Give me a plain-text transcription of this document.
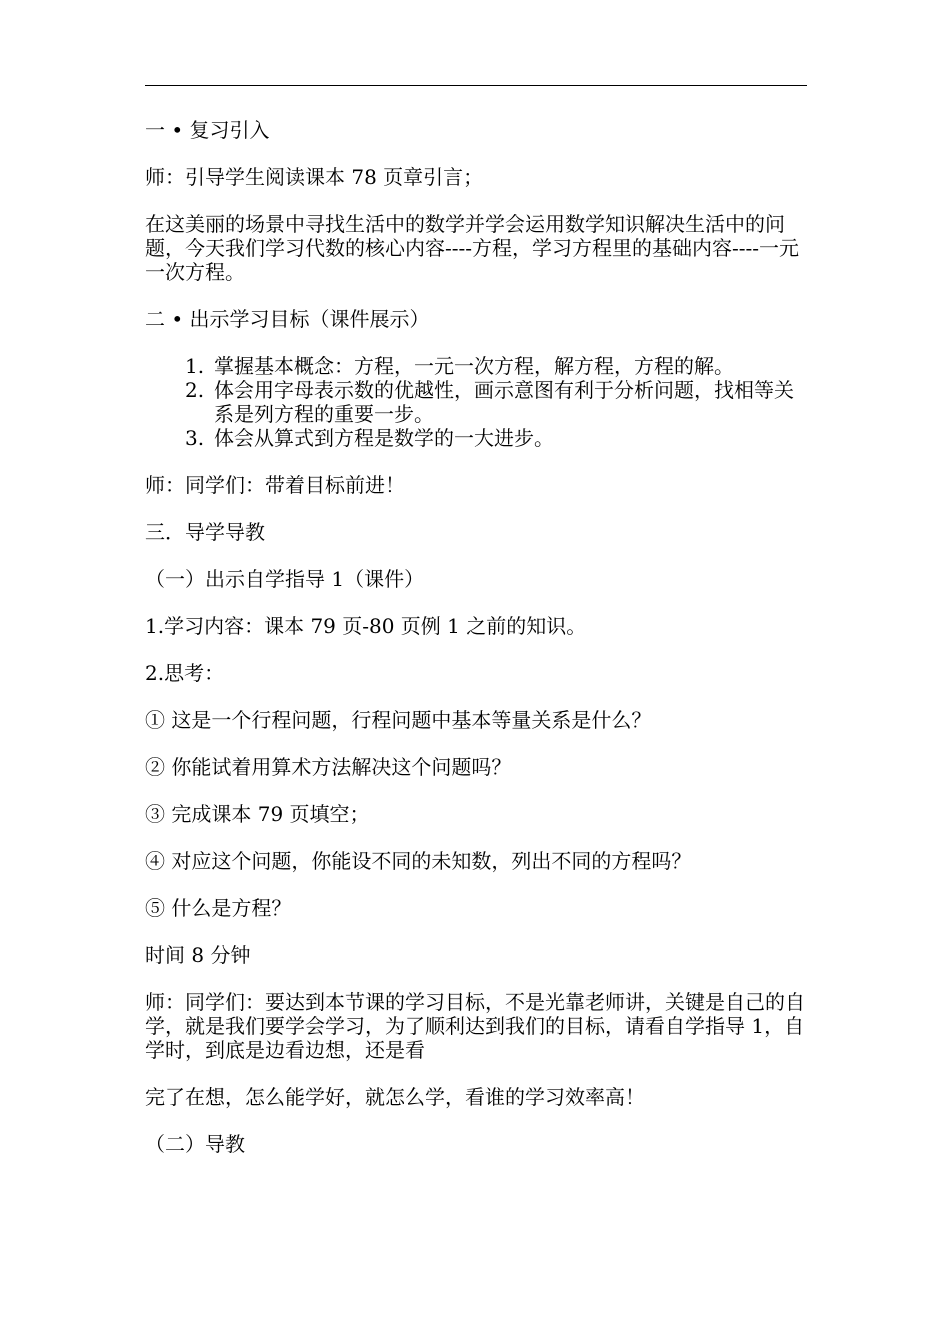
一 • 复习引入

师：引导学生阅读课本 78 页章引言；

在这美丽的场景中寻找生活中的数学并学会运用数学知识解决生活中的问题，今天我们学习代数的核心内容----方程，学习方程里的基础内容----一元一次方程。

二 • 出示学习目标（课件展示）

1. 掌握基本概念：方程，一元一次方程，解方程，方程的解。
2. 体会用字母表示数的优越性，画示意图有利于分析问题，找相等关系是列方程的重要一步。
3. 体会从算式到方程是数学的一大进步。

师：同学们：带着目标前进！

三．导学导教

（一）出示自学指导 1（课件）

1.学习内容：课本 79 页-80 页例 1 之前的知识。

2.思考：

① 这是一个行程问题，行程问题中基本等量关系是什么？

② 你能试着用算术方法解决这个问题吗？

③ 完成课本 79 页填空；

④ 对应这个问题，你能设不同的未知数，列出不同的方程吗？

⑤ 什么是方程？

时间 8 分钟

师：同学们：要达到本节课的学习目标，不是光靠老师讲，关键是自己的自学，就是我们要学会学习，为了顺利达到我们的目标，请看自学指导 1，自学时，到底是边看边想，还是看

完了在想，怎么能学好，就怎么学，看谁的学习效率高！

（二）导教
